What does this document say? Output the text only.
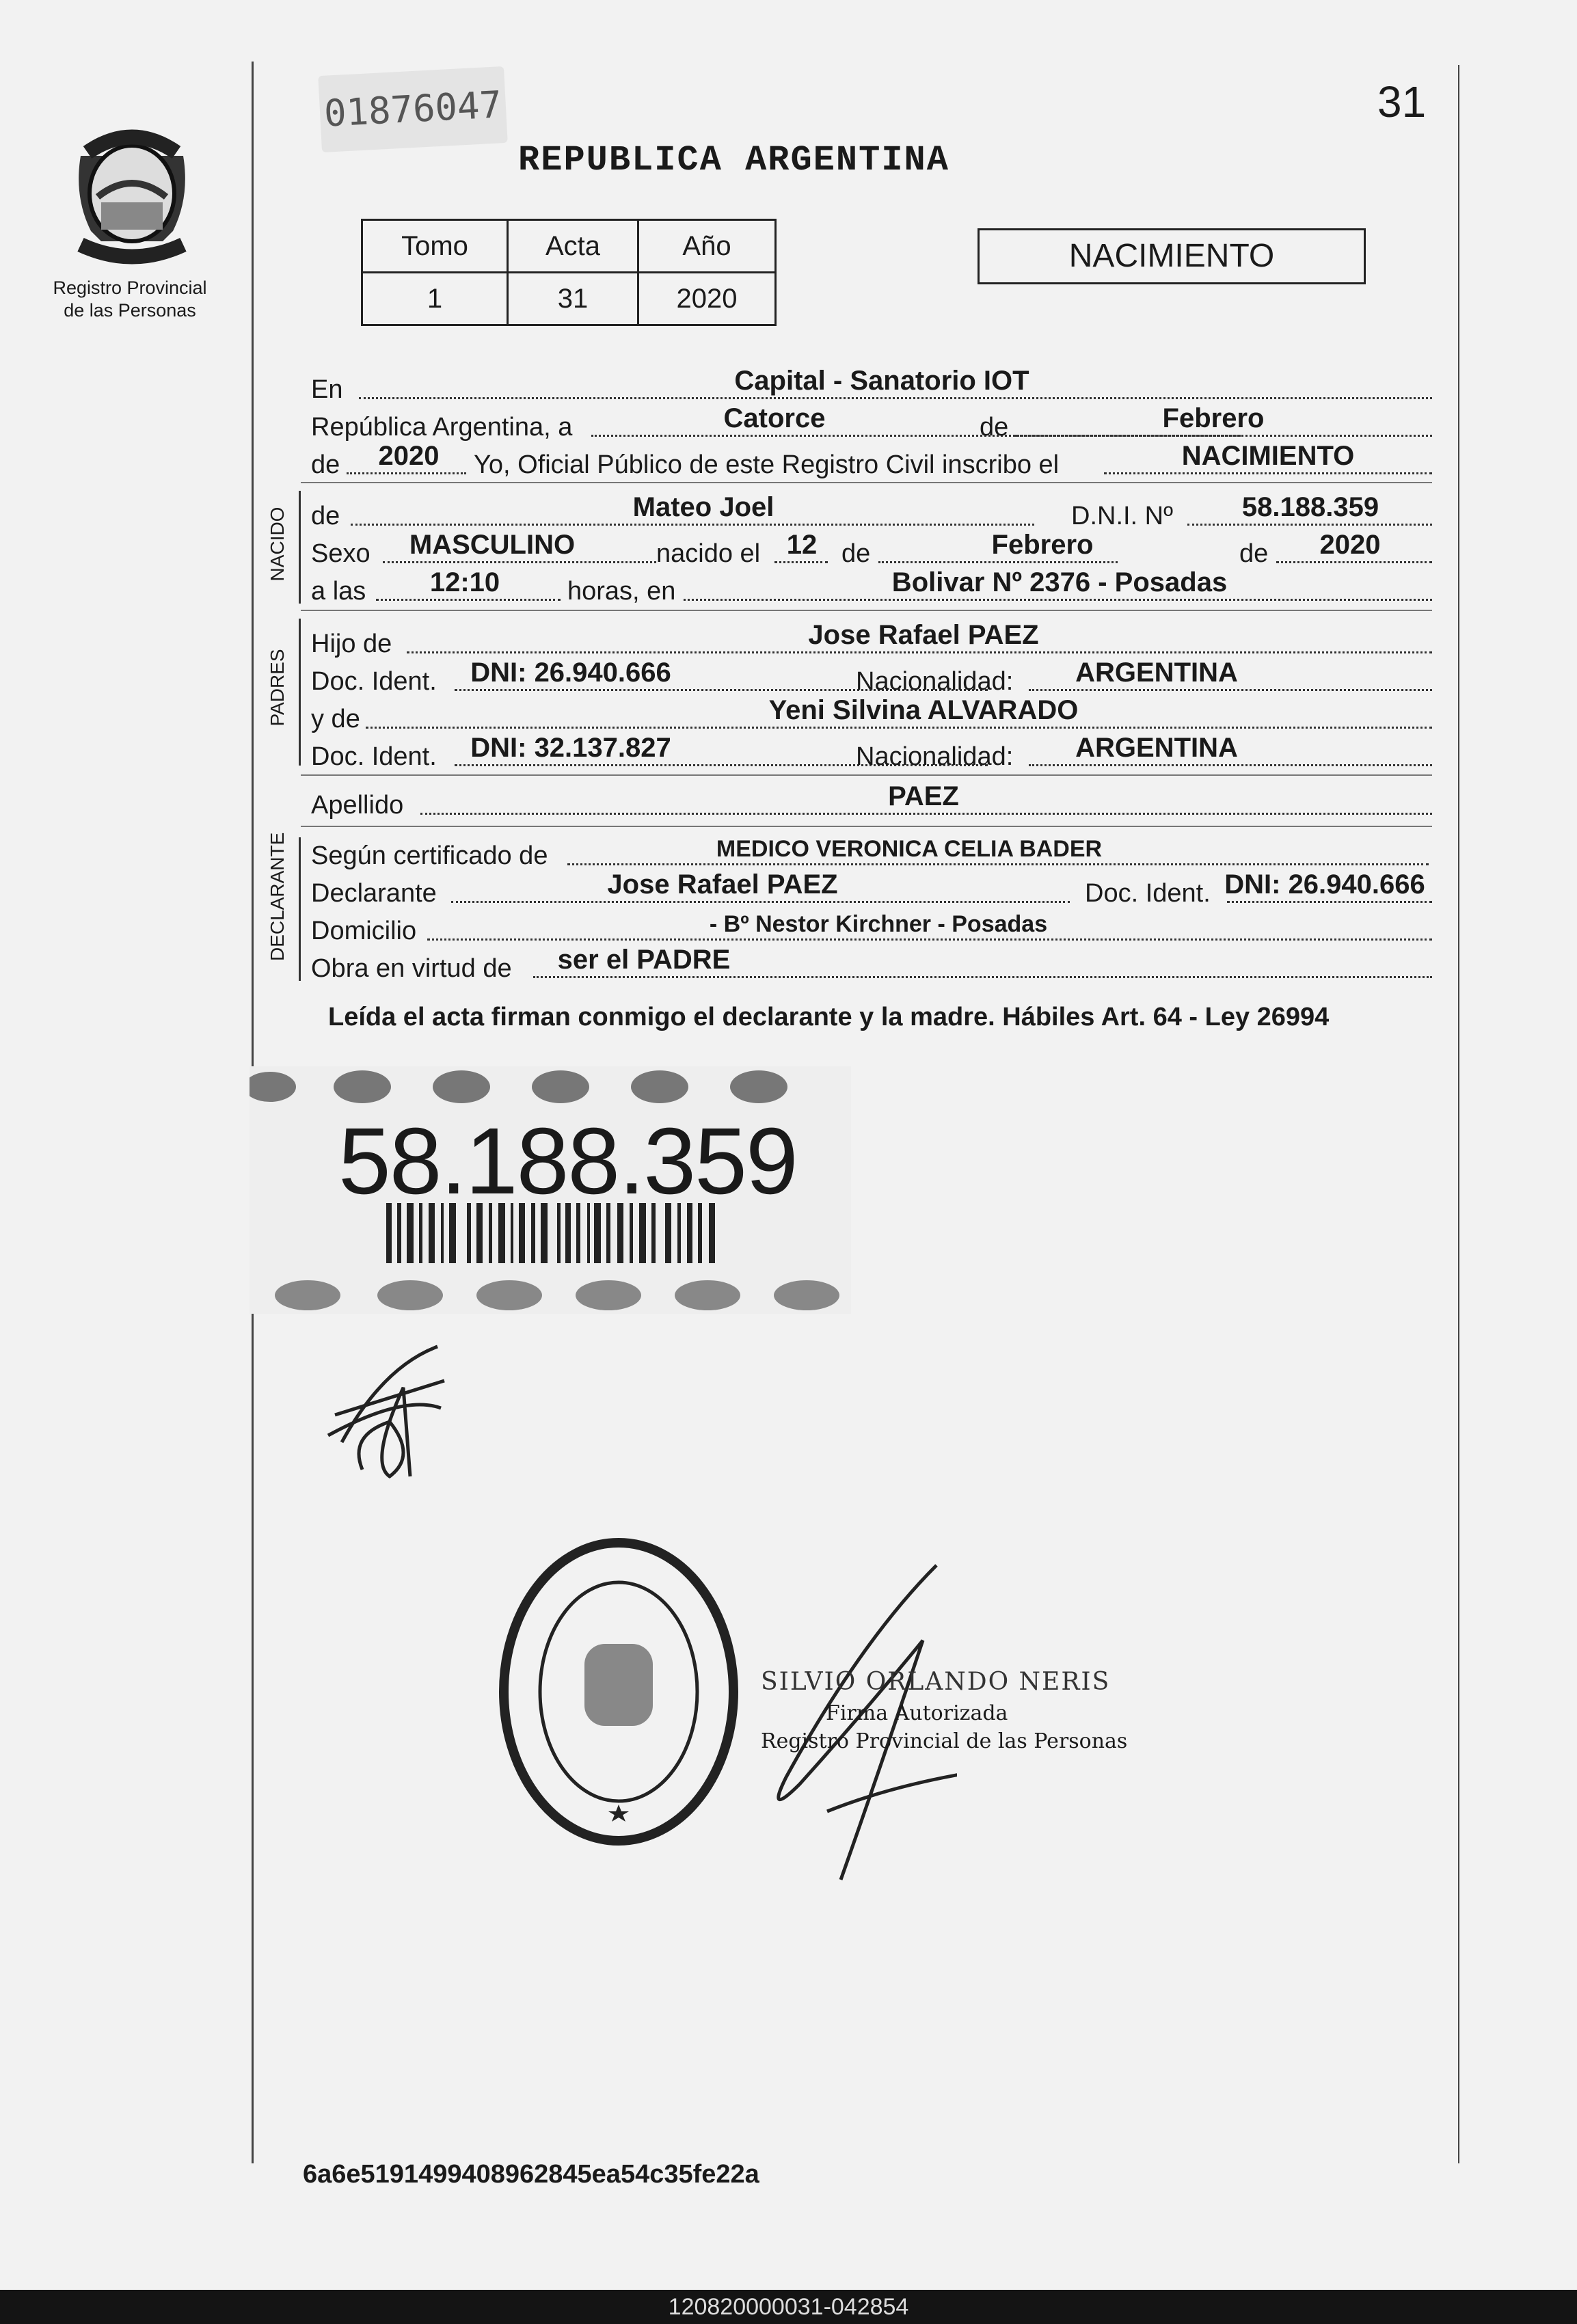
Registro Provincial
de las Personas
01876047	31
REPUBLICA ARGENTINA
Tomo	Acta	Año
1	31	2020
NACIMIENTO
En	Capital - Sanatorio IOT
República Argentina, a	Catorce	de	Febrero
de 2020 Yo, Oficial Público de este Registro Civil inscribo el	NACIMIENTO
NACIDO de	Mateo Joel	D.N.I. Nº	58.188.359
Sexo MASCULINO	nacido el 12 de	Febrero	de 2020
a las 12:10	horas, en	Bolivar Nº 2376 - Posadas
PADRES
Hijo de	Jose Rafael PAEZ
Doc. Ident. DNI: 26.940.666	Nacionalidad: ARGENTINA
y de	Yeni Silvina ALVARADO
Doc. Ident. DNI: 32.137.827	Nacionalidad: ARGENTINA
Apellido	PAEZ
DECLARANTE Según certificado de	MEDICO VERONICA CELIA BADER
Declarante	Jose Rafael PAEZ	Doc. Ident. DNI: 26.940.666
Domicilio	- Bº Nestor Kirchner - Posadas
Obra en virtud de ser el PADRE
Leída el acta firman conmigo el declarante y la madre. Hábiles Art. 64 - Ley 26994
58.188.359
SILVIO ORLANDO NERIS
Firma Autorizada
Registro Provincial de las Personas
6a6e5191499408962845ea54c35fe22a
120820000031-042854
